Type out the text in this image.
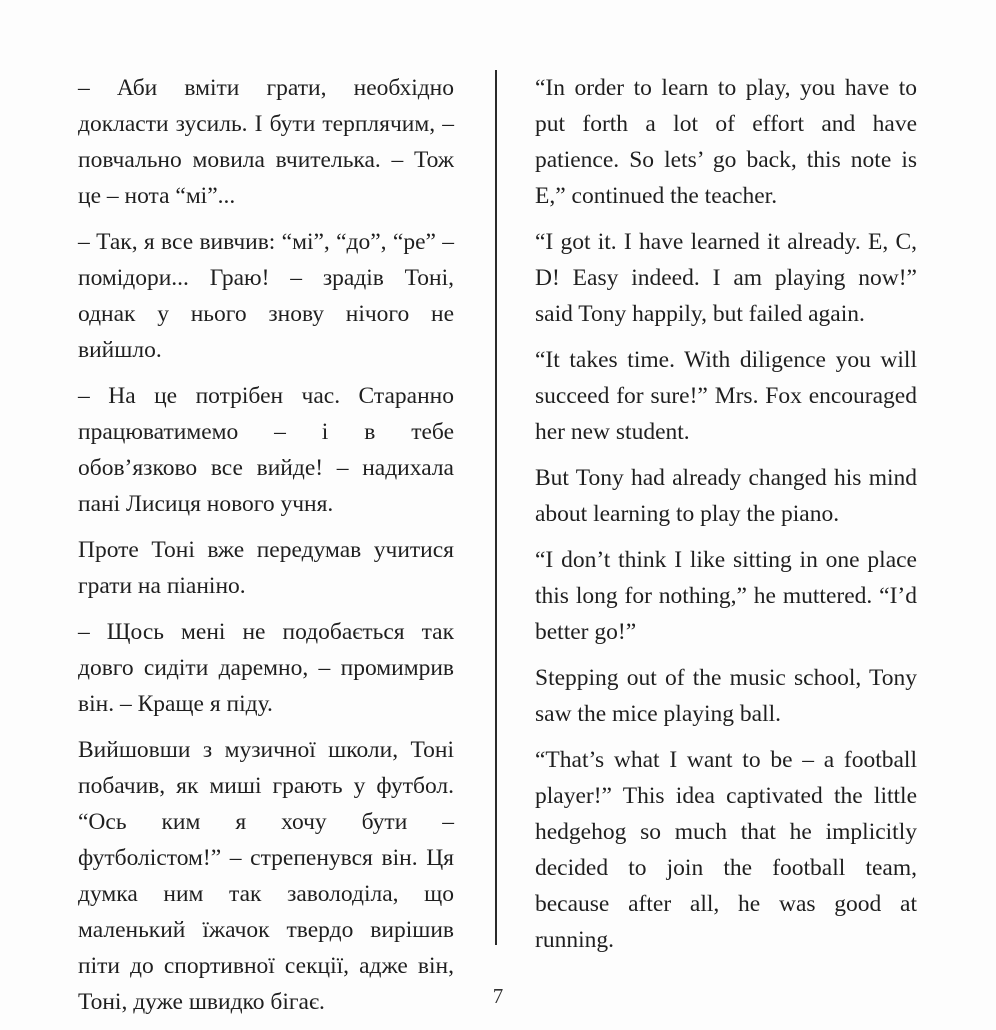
– Аби вміти грати, необхідно докласти зусиль. І бути терплячим, – повчально мовила вчителька. – Тож це – нота “мі”...

– Так, я все вивчив: “мі”, “до”, “ре” – помідори... Граю! – зрадів Тоні, однак у нього знову нічого не вийшло.

– На це потрібен час. Старанно працюватимемо – і в тебе обов’язково все вийде! – надихала пані Лисиця нового учня.

Проте Тоні вже передумав учитися грати на піаніно.

– Щось мені не подобається так довго сидіти даремно, – промимрив він. – Краще я піду.

Вийшовши з музичної школи, Тоні побачив, як миші грають у футбол. “Ось ким я хочу бути – футболістом!” – стрепенувся він. Ця думка ним так заволоділа, що маленький їжачок твердо вирішив піти до спортивної секції, адже він, Тоні, дуже швидко бігає.

“In order to learn to play, you have to put forth a lot of effort and have patience. So lets’ go back, this note is E,” continued the teacher.

“I got it. I have learned it already. E, C, D! Easy indeed. I am playing now!” said Tony happily, but failed again.

“It takes time. With diligence you will succeed for sure!” Mrs. Fox encouraged her new student.

But Tony had already changed his mind about learning to play the piano.

“I don’t think I like sitting in one place this long for nothing,” he muttered. “I’d better go!”

Stepping out of the music school, Tony saw the mice playing ball.

“That’s what I want to be – a football player!” This idea captivated the little hedgehog so much that he implicitly decided to join the football team, because after all, he was good at running.

7
